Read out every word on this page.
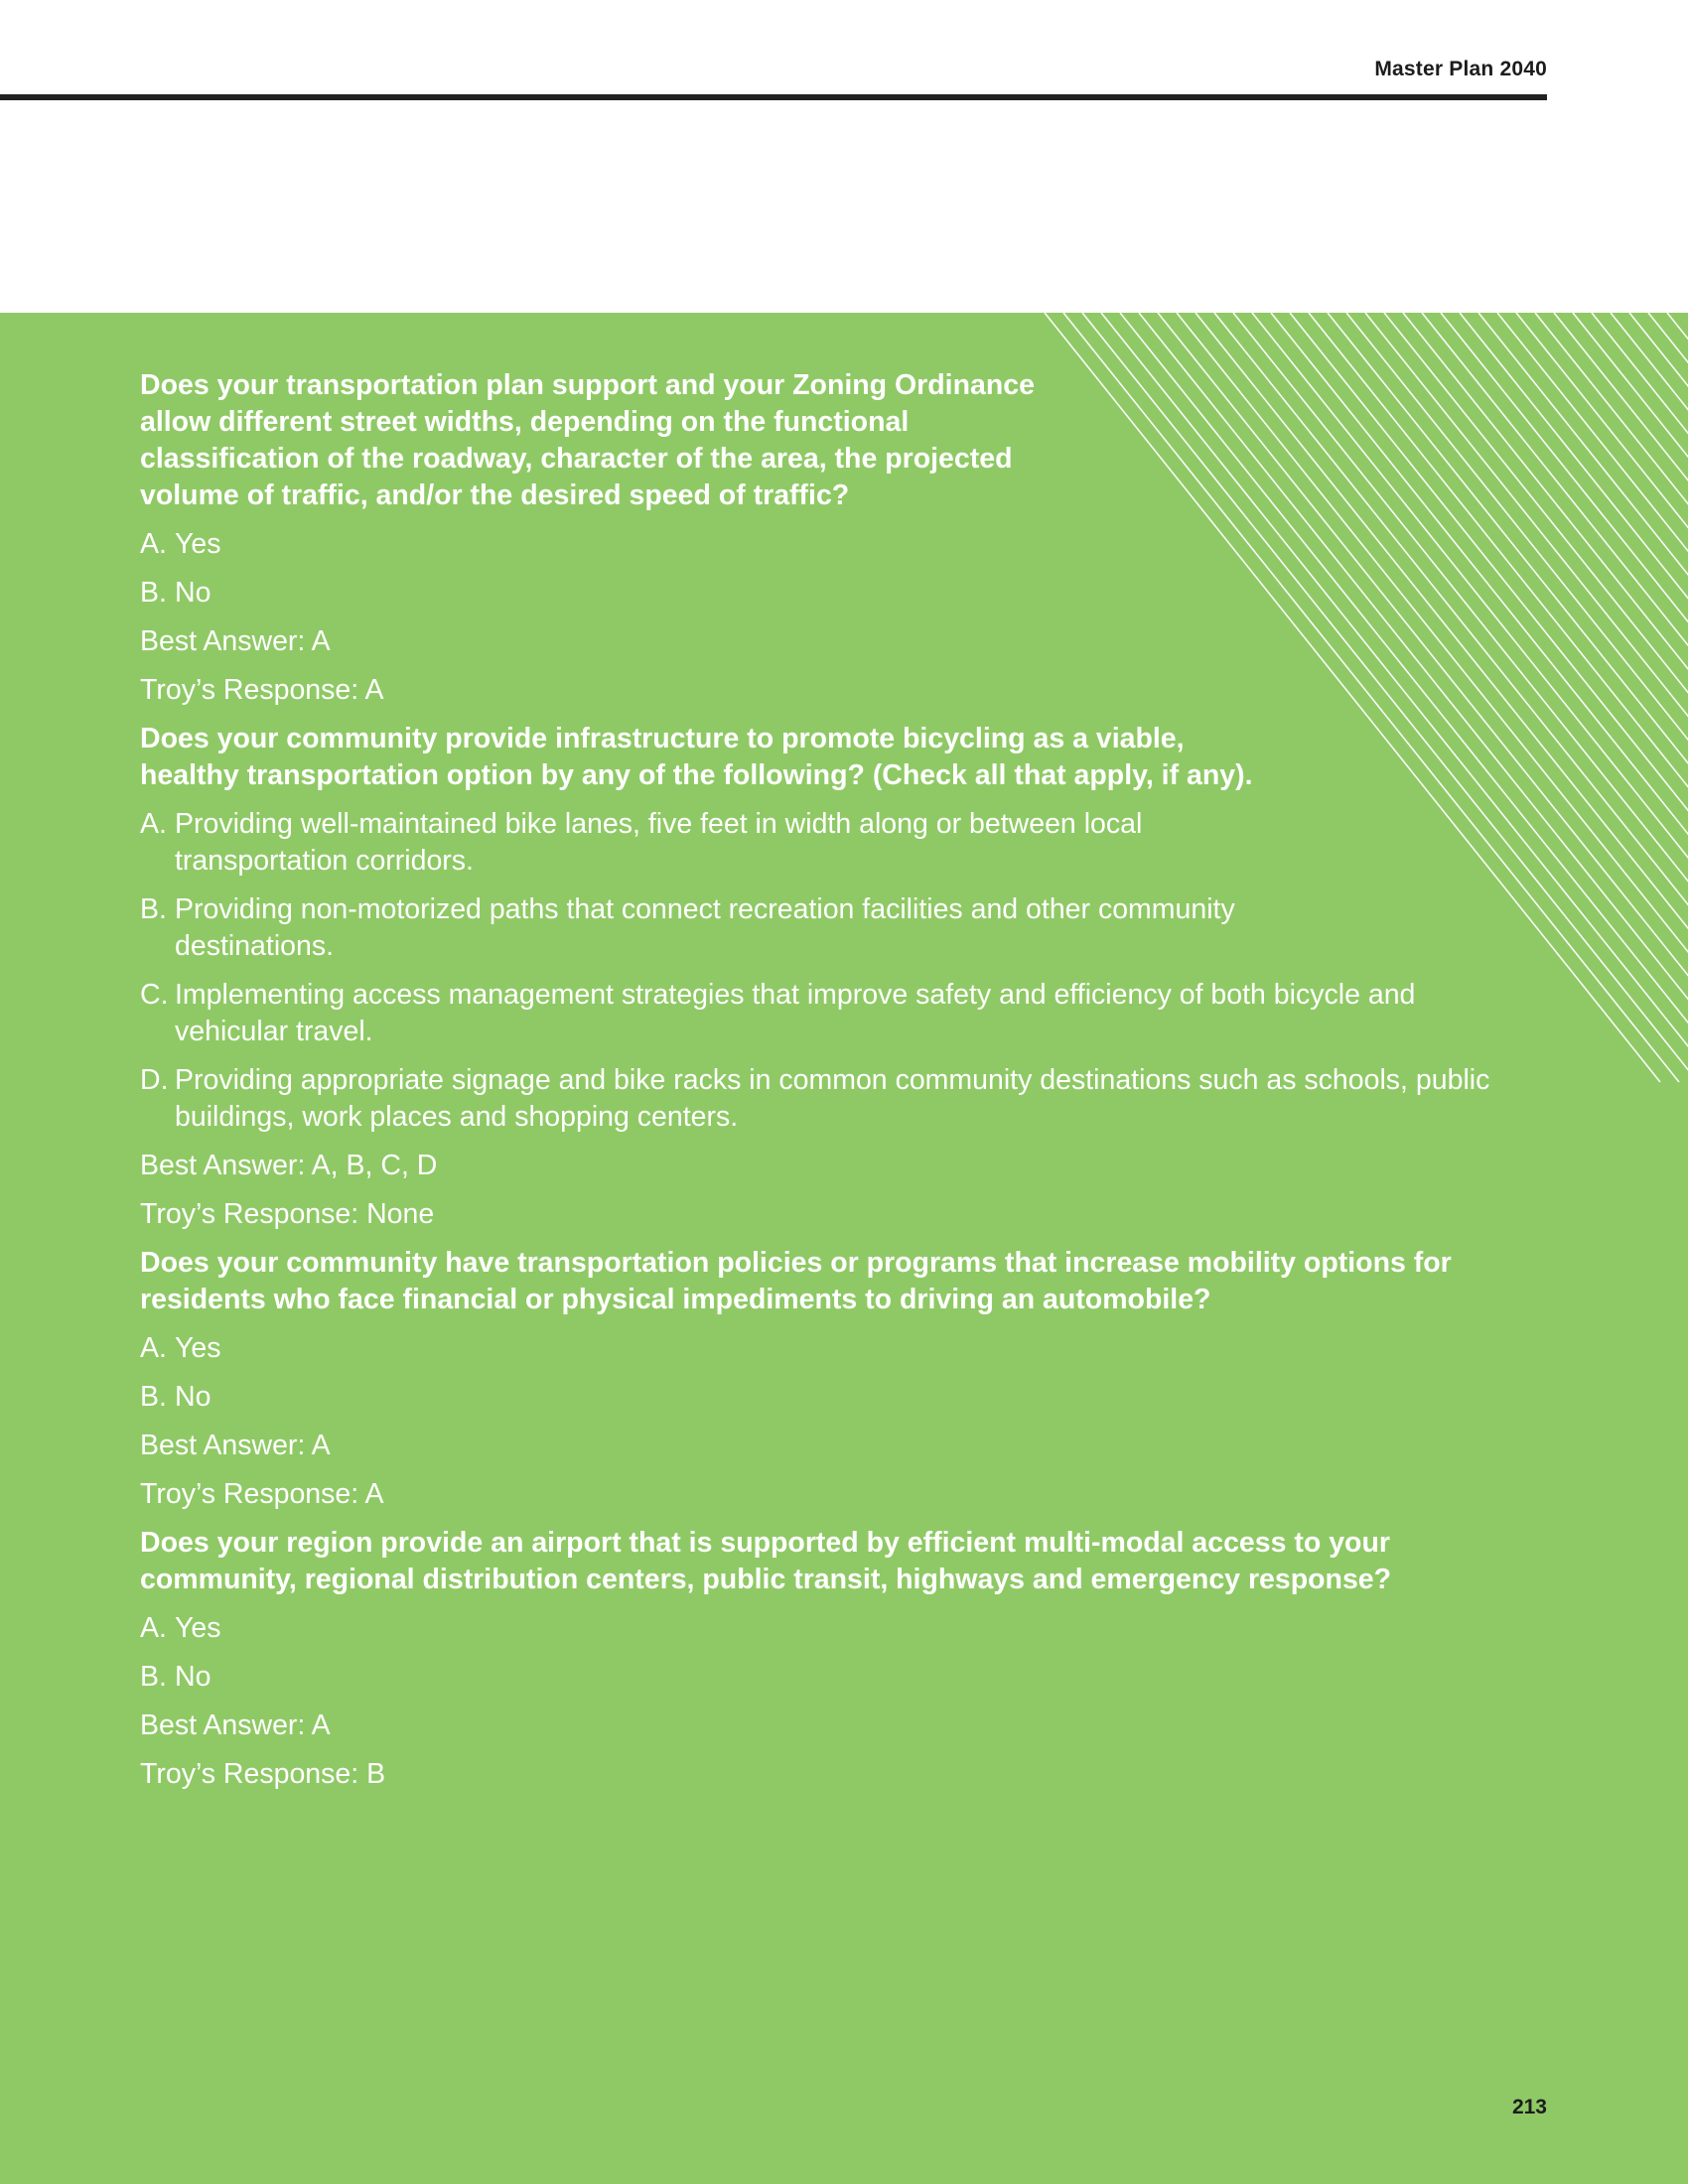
Master Plan 2040

Does your transportation plan support and your Zoning Ordinance allow different street widths, depending on the functional classification of the roadway, character of the area, the projected volume of traffic, and/or the desired speed of traffic?

A. Yes
B. No
Best Answer: A
Troy’s Response: A

Does your community provide infrastructure to promote bicycling as a viable, healthy transportation option by any of the following? (Check all that apply, if any).

A. Providing well-maintained bike lanes, five feet in width along or between local transportation corridors.
B. Providing non-motorized paths that connect recreation facilities and other community destinations.
C. Implementing access management strategies that improve safety and efficiency of both bicycle and vehicular travel.
D. Providing appropriate signage and bike racks in common community destinations such as schools, public buildings, work places and shopping centers.
Best Answer: A, B, C, D
Troy’s Response: None

Does your community have transportation policies or programs that increase mobility options for residents who face financial or physical impediments to driving an automobile?

A. Yes
B. No
Best Answer: A
Troy’s Response: A

Does your region provide an airport that is supported by efficient multi-modal access to your community, regional distribution centers, public transit, highways and emergency response?

A. Yes
B. No
Best Answer: A
Troy’s Response: B
213
